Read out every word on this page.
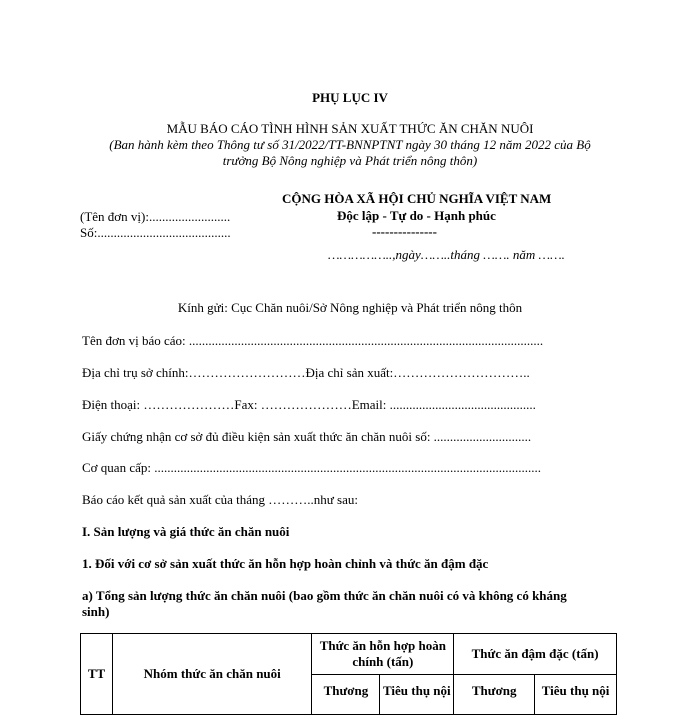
PHỤ LỤC IV
MẪU BÁO CÁO TÌNH HÌNH SẢN XUẤT THỨC ĂN CHĂN NUÔI
(Ban hành kèm theo Thông tư số 31/2022/TT-BNNPTNT ngày 30 tháng 12 năm 2022 của Bộ
trưởng Bộ Nông nghiệp và Phát triển nông thôn)
CỘNG HÒA XÃ HỘI CHỦ NGHĨA VIỆT NAM
Độc lập - Tự do - Hạnh phúc
---------------
(Tên đơn vị):.........................
Số:.........................................
……………..,ngày……..tháng ……. năm …….
Kính gửi: Cục Chăn nuôi/Sở Nông nghiệp và Phát triển nông thôn
Tên đơn vị báo cáo: .............................................................................................................
Địa chỉ trụ sở chính:………………………Địa chỉ sản xuất:…………………………..
Điện thoại: …………………Fax: …………………Email: .............................................
Giấy chứng nhận cơ sở đủ điều kiện sản xuất thức ăn chăn nuôi số: ..............................
Cơ quan cấp: .......................................................................................................................
Báo cáo kết quả sản xuất của tháng ………..như sau:
I. Sản lượng và giá thức ăn chăn nuôi
1. Đối với cơ sở sản xuất thức ăn hỗn hợp hoàn chỉnh và thức ăn đậm đặc
a) Tổng sản lượng thức ăn chăn nuôi (bao gồm thức ăn chăn nuôi có và không có kháng
sinh)
TT	Nhóm thức ăn chăn nuôi	Thức ăn hỗn hợp hoàn
chính (tấn)		Thức ăn đậm đặc (tấn)	
		Thương	Tiêu thụ nội	Thương	Tiêu thụ nội
